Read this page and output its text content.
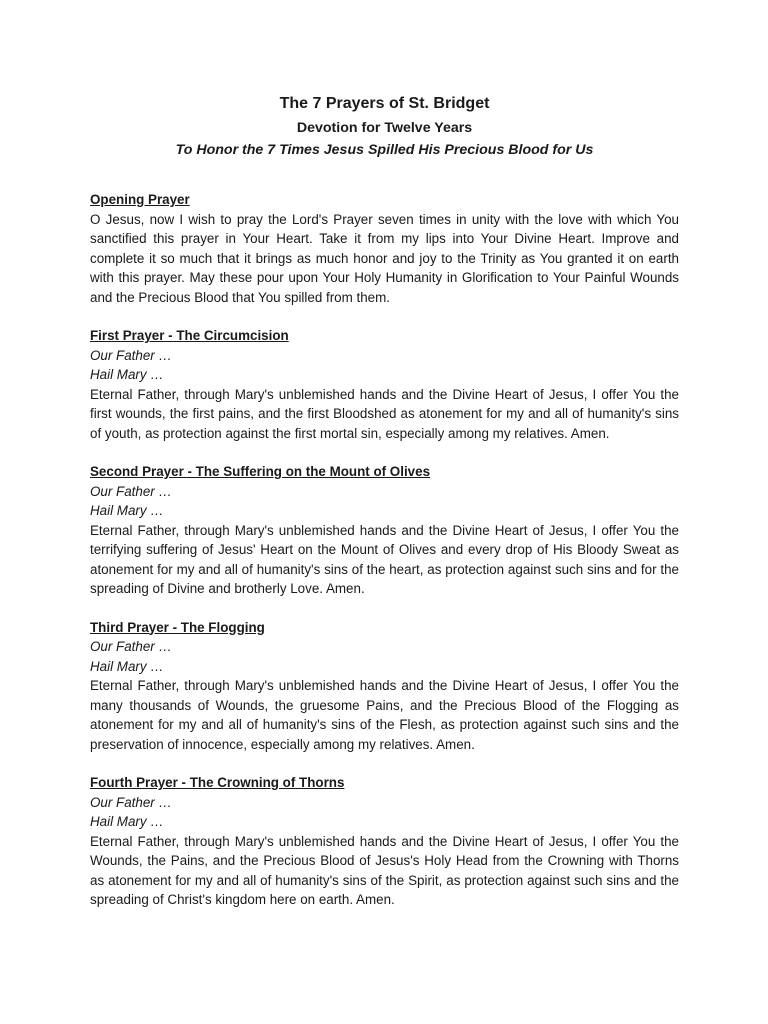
The 7 Prayers of St. Bridget

Devotion for Twelve Years

To Honor the 7 Times Jesus Spilled His Precious Blood for Us

Opening Prayer

O Jesus, now I wish to pray the Lord's Prayer seven times in unity with the love with which You sanctified this prayer in Your Heart. Take it from my lips into Your Divine Heart. Improve and complete it so much that it brings as much honor and joy to the Trinity as You granted it on earth with this prayer. May these pour upon Your Holy Humanity in Glorification to Your Painful Wounds and the Precious Blood that You spilled from them.

First Prayer - The Circumcision

Our Father …

Hail Mary …

Eternal Father, through Mary's unblemished hands and the Divine Heart of Jesus, I offer You the first wounds, the first pains, and the first Bloodshed as atonement for my and all of humanity's sins of youth, as protection against the first mortal sin, especially among my relatives. Amen.

Second Prayer - The Suffering on the Mount of Olives

Our Father …

Hail Mary …

Eternal Father, through Mary's unblemished hands and the Divine Heart of Jesus, I offer You the terrifying suffering of Jesus' Heart on the Mount of Olives and every drop of His Bloody Sweat as atonement for my and all of humanity's sins of the heart, as protection against such sins and for the spreading of Divine and brotherly Love. Amen.

Third Prayer - The Flogging

Our Father …

Hail Mary …

Eternal Father, through Mary's unblemished hands and the Divine Heart of Jesus, I offer You the many thousands of Wounds, the gruesome Pains, and the Precious Blood of the Flogging as atonement for my and all of humanity's sins of the Flesh, as protection against such sins and the preservation of innocence, especially among my relatives. Amen.

Fourth Prayer - The Crowning of Thorns

Our Father …

Hail Mary …

Eternal Father, through Mary's unblemished hands and the Divine Heart of Jesus, I offer You the Wounds, the Pains, and the Precious Blood of Jesus's Holy Head from the Crowning with Thorns as atonement for my and all of humanity's sins of the Spirit, as protection against such sins and the spreading of Christ's kingdom here on earth. Amen.
